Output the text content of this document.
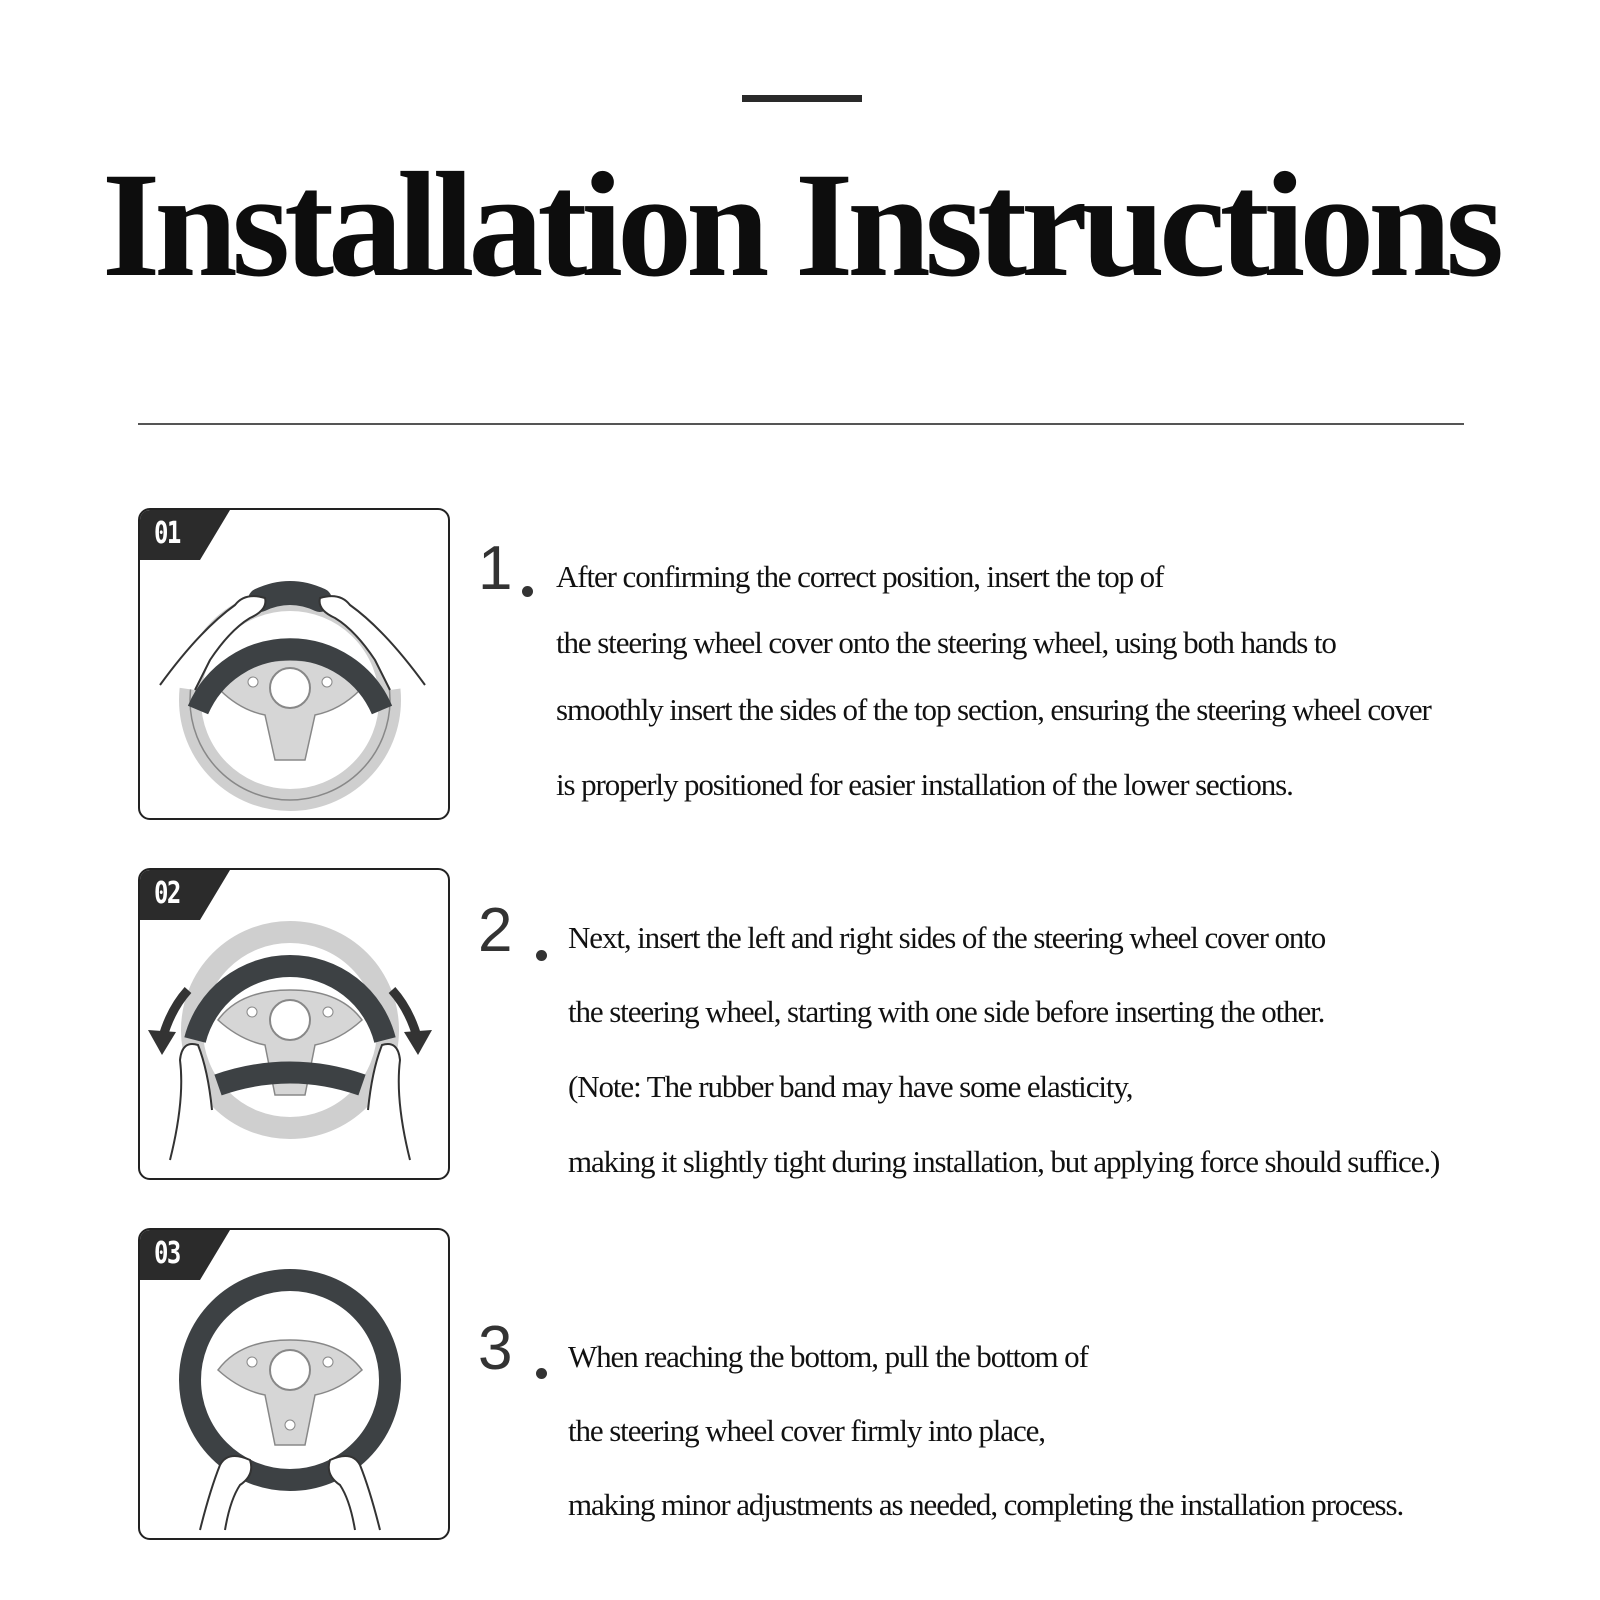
Installation Instructions
01
1 After confirming the correct position, insert the top of
the steering wheel cover onto the steering wheel, using both hands to
smoothly insert the sides of the top section, ensuring the steering wheel cover
is properly positioned for easier installation of the lower sections.
02
2 Next, insert the left and right sides of the steering wheel cover onto
the steering wheel, starting with one side before inserting the other.
(Note: The rubber band may have some elasticity,
making it slightly tight during installation, but applying force should suffice.)
03
3 When reaching the bottom, pull the bottom of
the steering wheel cover firmly into place,
making minor adjustments as needed, completing the installation process.
